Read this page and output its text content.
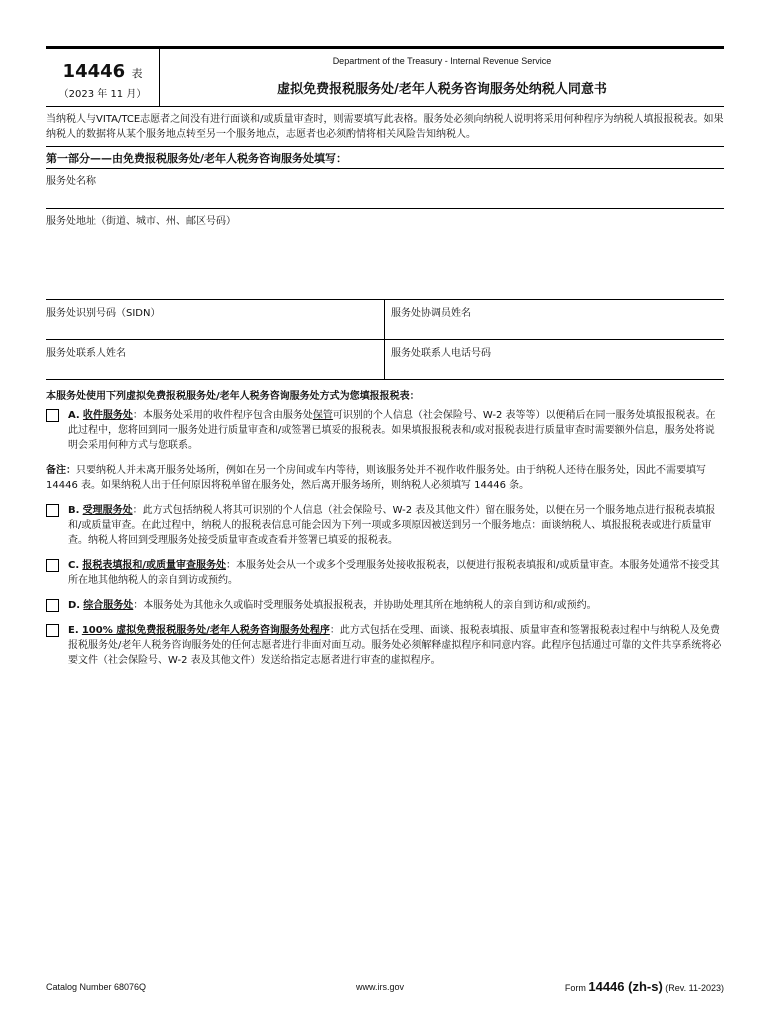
14446 表
（2023 年 11 月）
Department of the Treasury - Internal Revenue Service
虚拟免费报税服务处/老年人税务咨询服务处纳税人同意书
当纳税人与VITA/TCE志愿者之间没有进行面谈和/或质量审查时，则需要填写此表格。服务处必须向纳税人说明将采用何种程序为纳税人填报报税表。如果纳税人的数据将从某个服务地点转至另一个服务地点，志愿者也必须酌情将相关风险告知纳税人。
第一部分——由免费报税服务处/老年人税务咨询服务处填写：
服务处名称
服务处地址（街道、城市、州、邮区号码）
服务处识别号码（SIDN）	服务处协调员姓名
服务处联系人姓名	服务处联系人电话号码
本服务处使用下列虚拟免费报税服务处/老年人税务咨询服务处方式为您填报报税表：
A. 收件服务处：本服务处采用的收件程序包含由服务处保管可识别的个人信息（社会保险号、W-2 表等等）以便稍后在同一服务处填报报税表。在此过程中，您将回到同一服务处进行质量审查和/或签署已填妥的报税表。如果填报报税表和/或对报税表进行质量审查时需要额外信息，服务处将说明会采用何种方式与您联系。
备注：只要纳税人并未离开服务处场所，例如在另一个房间或车内等待，则该服务处并不视作收件服务处。由于纳税人还待在服务处，因此不需要填写 14446 表。如果纳税人出于任何原因将税单留在服务处，然后离开服务场所，则纳税人必须填写 14446 条。
B. 受理服务处：此方式包括纳税人将其可识别的个人信息（社会保险号、W-2 表及其他文件）留在服务处，以便在另一个服务地点进行报税表填报和/或质量审查。在此过程中，纳税人的报税表信息可能会因为下列一项或多项原因被送到另一个服务地点：面谈纳税人、填报报税表或进行质量审查。纳税人将回到受理服务处接受质量审查或查看并签署已填妥的报税表。
C. 报税表填报和/或质量审查服务处：本服务处会从一个或多个受理服务处接收报税表，以便进行报税表填报和/或质量审查。本服务处通常不接受其所在地其他纳税人的亲自到访或预约。
D. 综合服务处：本服务处为其他永久或临时受理服务处填报报税表，并协助处理其所在地纳税人的亲自到访和/或预约。
E. 100% 虚拟免费报税服务处/老年人税务咨询服务处程序：此方式包括在受理、面谈、报税表填报、质量审查和签署报税表过程中与纳税人及免费报税服务处/老年人税务咨询服务处的任何志愿者进行非面对面互动。服务处必须解释虚拟程序和同意内容。此程序包括通过可靠的文件共享系统将必要文件（社会保险号、W-2 表及其他文件）发送给指定志愿者进行审查的虚拟程序。
Catalog Number 68076Q	www.irs.gov	Form 14446 (zh-s) (Rev. 11-2023)
